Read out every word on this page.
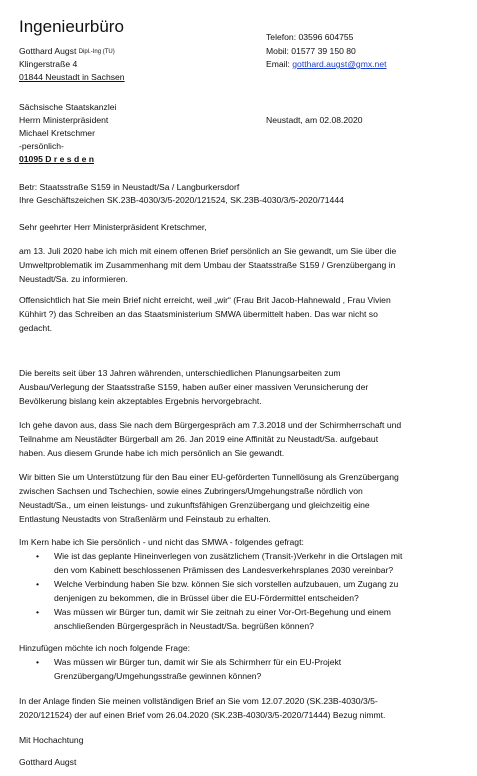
Ingenieurbüro
Gotthard Augst Dipl.-Ing (TU)
Klingerstraße 4
01844 Neustadt in Sachsen
Telefon: 03596 604755
Mobil: 01577 39 150 80
Email: gotthard.augst@gmx.net
Sächsische Staatskanzlei
Herrn Ministerpräsident
Michael Kretschmer
-persönlich-
01095 D r e s d e n
Neustadt, am 02.08.2020
Betr: Staatsstraße S159 in Neustadt/Sa / Langburkersdorf
Ihre Geschäftszeichen SK.23B-4030/3/5-2020/121524, SK.23B-4030/3/5-2020/71444
Sehr geehrter Herr Ministerpräsident Kretschmer,
am 13. Juli 2020 habe ich mich mit einem offenen Brief persönlich an Sie gewandt, um Sie über die
Umweltproblematik im Zusammenhang mit dem Umbau der Staatsstraße S159 / Grenzübergang in
Neustadt/Sa. zu informieren.
Offensichtlich hat Sie mein Brief nicht erreicht, weil „wir“ (Frau Brit Jacob-Hahnewald , Frau Vivien
Kühhirt ?) das Schreiben an das Staatsministerium SMWA übermittelt haben. Das war nicht so
gedacht.
Die bereits seit über 13 Jahren währenden, unterschiedlichen Planungsarbeiten zum
Ausbau/Verlegung der Staatsstraße S159, haben außer einer massiven Verunsicherung der
Bevölkerung bislang kein akzeptables Ergebnis hervorgebracht.
Ich gehe davon aus, dass Sie nach dem Bürgergespräch am 7.3.2018 und der Schirmherrschaft und
Teilnahme am Neustädter Bürgerball am 26. Jan 2019 eine Affinität zu Neustadt/Sa. aufgebaut
haben. Aus diesem Grunde habe ich mich persönlich an Sie gewandt.
Wir bitten Sie um Unterstützung für den Bau einer EU-geförderten Tunnellösung als Grenzübergang
zwischen Sachsen und Tschechien, sowie eines Zubringers/Umgehungstraße nördlich von
Neustadt/Sa., um einen leistungs- und zukunftsfähigen Grenzübergang und gleichzeitig eine
Entlastung Neustadts von Straßenlärm und Feinstaub zu erhalten.
Im Kern habe ich Sie persönlich - und nicht das SMWA - folgendes gefragt:
• Wie ist das geplante Hineinverlegen von zusätzlichem (Transit-)Verkehr in die Ortslagen mit
den vom Kabinett beschlossenen Prämissen des Landesverkehrsplanes 2030 vereinbar?
• Welche Verbindung haben Sie bzw. können Sie sich vorstellen aufzubauen, um Zugang zu
denjenigen zu bekommen, die in Brüssel über die EU-Fördermittel entscheiden?
• Was müssen wir Bürger tun, damit wir Sie zeitnah zu einer Vor-Ort-Begehung und einem
anschließenden Bürgergespräch in Neustadt/Sa. begrüßen können?
Hinzufügen möchte ich noch folgende Frage:
• Was müssen wir Bürger tun, damit wir Sie als Schirmherr für ein EU-Projekt
Grenzübergang/Umgehungsstraße gewinnen können?
In der Anlage finden Sie meinen vollständigen Brief an Sie vom 12.07.2020 (SK.23B-4030/3/5-
2020/121524) der auf einen Brief vom 26.04.2020 (SK.23B-4030/3/5-2020/71444) Bezug nimmt.
Mit Hochachtung
Gotthard Augst
